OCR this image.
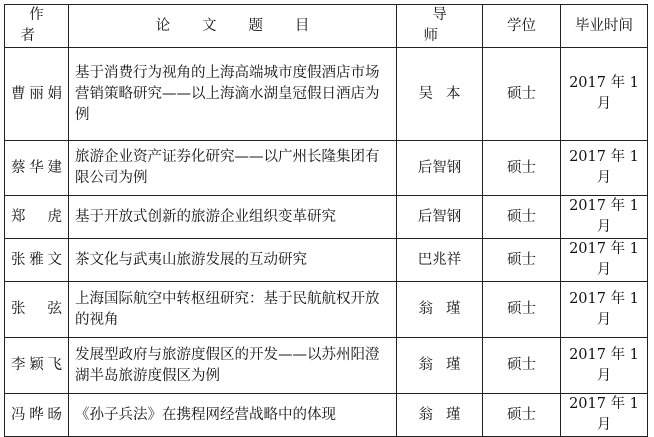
作者	论文题目	导师	学位	毕业时间
曹丽娟	基于消费行为视角的上海高端城市度假酒店市场营销策略研究——以上海滴水湖皇冠假日酒店为例	吴本	硕士	2017 年 1 月
蔡华建	旅游企业资产证券化研究——以广州长隆集团有限公司为例	后智钢	硕士	2017 年 1 月
郑虎	基于开放式创新的旅游企业组织变革研究	后智钢	硕士	2017 年 1 月
张雅文	茶文化与武夷山旅游发展的互动研究	巴兆祥	硕士	2017 年 1 月
张弦	上海国际航空中转枢纽研究：基于民航航权开放的视角	翁瑾	硕士	2017 年 1 月
李颖飞	发展型政府与旅游度假区的开发——以苏州阳澄湖半岛旅游度假区为例	翁瑾	硕士	2017 年 1 月
冯晔旸	《孙子兵法》在携程网经营战略中的体现	翁瑾	硕士	2017 年 1 月
